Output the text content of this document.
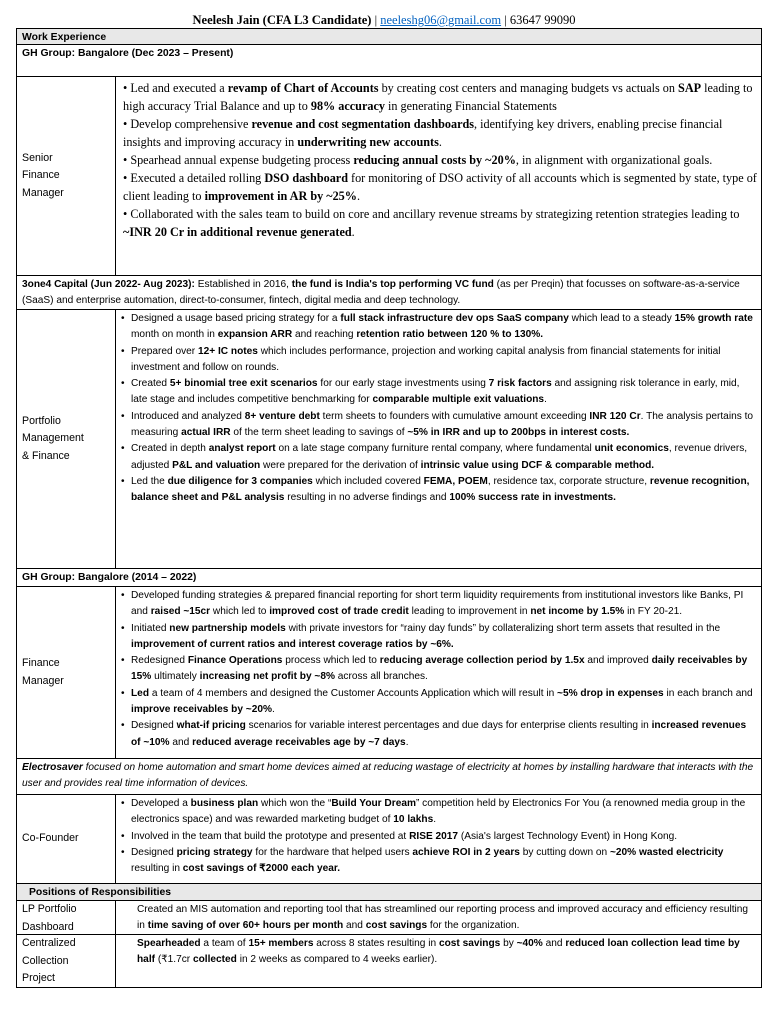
Neelesh Jain (CFA L3 Candidate) | neeleshg06@gmail.com | 63647 99090
Work Experience
GH Group: Bangalore (Dec 2023 – Present)
Senior
Finance
Manager
• Led and executed a revamp of Chart of Accounts by creating cost centers and managing budgets vs actuals on SAP leading to high accuracy Trial Balance and up to 98% accuracy in generating Financial Statements
• Develop comprehensive revenue and cost segmentation dashboards, identifying key drivers, enabling precise financial insights and improving accuracy in underwriting new accounts.
• Spearhead annual expense budgeting process reducing annual costs by ~20%, in alignment with organizational goals.
• Executed a detailed rolling DSO dashboard for monitoring of DSO activity of all accounts which is segmented by state, type of client leading to improvement in AR by ~25%.
• Collaborated with the sales team to build on core and ancillary revenue streams by strategizing retention strategies leading to ~INR 20 Cr in additional revenue generated.
3one4 Capital (Jun 2022- Aug 2023): Established in 2016, the fund is India's top performing VC fund (as per Preqin) that focusses on software-as-a-service (SaaS) and enterprise automation, direct-to-consumer, fintech, digital media and deep technology.
Portfolio
Management
& Finance
• Designed a usage based pricing strategy for a full stack infrastructure dev ops SaaS company which lead to a steady 15% growth rate month on month in expansion ARR and reaching retention ratio between 120 % to 130%.
• Prepared over 12+ IC notes which includes performance, projection and working capital analysis from financial statements for initial investment and follow on rounds.
• Created 5+ binomial tree exit scenarios for our early stage investments using 7 risk factors and assigning risk tolerance in early, mid, late stage and includes competitive benchmarking for comparable multiple exit valuations.
• Introduced and analyzed 8+ venture debt term sheets to founders with cumulative amount exceeding INR 120 Cr. The analysis pertains to measuring actual IRR of the term sheet leading to savings of ~5% in IRR and up to 200bps in interest costs.
• Created in depth analyst report on a late stage company furniture rental company, where fundamental unit economics, revenue drivers, adjusted P&L and valuation were prepared for the derivation of intrinsic value using DCF & comparable method.
• Led the due diligence for 3 companies which included covered FEMA, POEM, residence tax, corporate structure, revenue recognition, balance sheet and P&L analysis resulting in no adverse findings and 100% success rate in investments.
GH Group: Bangalore (2014 – 2022)
Finance
Manager
• Developed funding strategies & prepared financial reporting for short term liquidity requirements from institutional investors like Banks, PI and raised ~15cr which led to improved cost of trade credit leading to improvement in net income by 1.5% in FY 20-21.
• Initiated new partnership models with private investors for “rainy day funds” by collateralizing short term assets that resulted in the improvement of current ratios and interest coverage ratios by ~6%.
• Redesigned Finance Operations process which led to reducing average collection period by 1.5x and improved daily receivables by 15% ultimately increasing net profit by ~8% across all branches.
• Led a team of 4 members and designed the Customer Accounts Application which will result in ~5% drop in expenses in each branch and improve receivables by ~20%.
• Designed what-if pricing scenarios for variable interest percentages and due days for enterprise clients resulting in increased revenues of ~10% and reduced average receivables age by ~7 days.
Electrosaver focused on home automation and smart home devices aimed at reducing wastage of electricity at homes by installing hardware that interacts with the user and provides real time information of devices.
Co-Founder
• Developed a business plan which won the “Build Your Dream” competition held by Electronics For You (a renowned media group in the electronics space) and was rewarded marketing budget of 10 lakhs.
• Involved in the team that build the prototype and presented at RISE 2017 (Asia's largest Technology Event) in Hong Kong.
• Designed pricing strategy for the hardware that helped users achieve ROI in 2 years by cutting down on ~20% wasted electricity resulting in cost savings of ₹2000 each year.
Positions of Responsibilities
LP Portfolio
Dashboard
Created an MIS automation and reporting tool that has streamlined our reporting process and improved accuracy and efficiency resulting in time saving of over 60+ hours per month and cost savings for the organization.
Centralized
Collection
Project
Spearheaded a team of 15+ members across 8 states resulting in cost savings by ~40% and reduced loan collection lead time by half (₹1.7cr collected in 2 weeks as compared to 4 weeks earlier).
